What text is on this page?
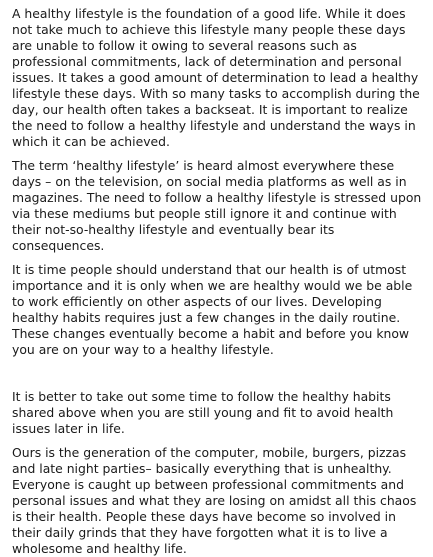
A healthy lifestyle is the foundation of a good life. While it does not take much to achieve this lifestyle many people these days are unable to follow it owing to several reasons such as professional commitments, lack of determination and personal issues. It takes a good amount of determination to lead a healthy lifestyle these days. With so many tasks to accomplish during the day, our health often takes a backseat. It is important to realize the need to follow a healthy lifestyle and understand the ways in which it can be achieved.

The term ‘healthy lifestyle’ is heard almost everywhere these days – on the television, on social media platforms as well as in magazines. The need to follow a healthy lifestyle is stressed upon via these mediums but people still ignore it and continue with their not-so-healthy lifestyle and eventually bear its consequences.

It is time people should understand that our health is of utmost importance and it is only when we are healthy would we be able to work efficiently on other aspects of our lives. Developing healthy habits requires just a few changes in the daily routine. These changes eventually become a habit and before you know you are on your way to a healthy lifestyle.

It is better to take out some time to follow the healthy habits shared above when you are still young and fit to avoid health issues later in life.

Ours is the generation of the computer, mobile, burgers, pizzas and late night parties– basically everything that is unhealthy. Everyone is caught up between professional commitments and personal issues and what they are losing on amidst all this chaos is their health. People these days have become so involved in their daily grinds that they have forgotten what it is to live a wholesome and healthy life.
